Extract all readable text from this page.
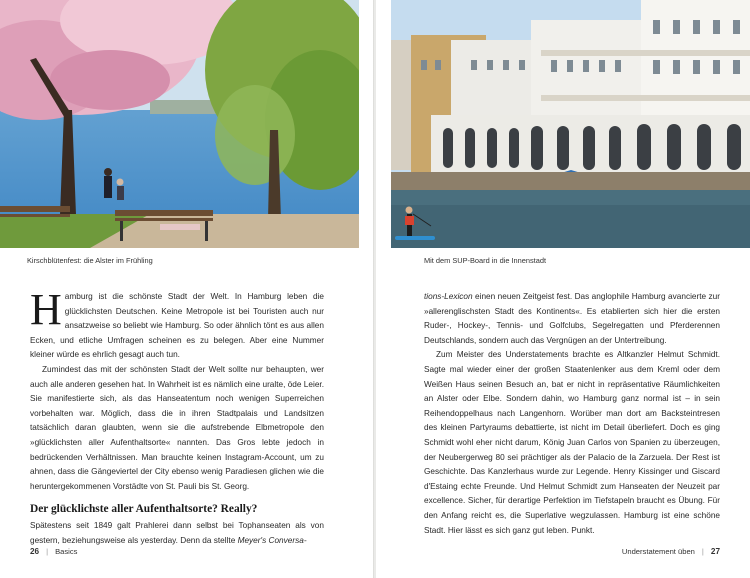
Kirschblütenfest: die Alster im Frühling

Hamburg ist die schönste Stadt der Welt. In Hamburg leben die glücklichsten Deutschen. Keine Metropole ist bei Touristen auch nur ansatzweise so beliebt wie Hamburg. So oder ähnlich tönt es aus allen Ecken, und etliche Umfragen scheinen es zu belegen. Aber eine Nummer kleiner würde es ehrlich gesagt auch tun.

Zumindest das mit der schönsten Stadt der Welt sollte nur behaupten, wer auch alle anderen gesehen hat. In Wahrheit ist es nämlich eine uralte, öde Leier. Sie manifestierte sich, als das Hanseatentum noch wenigen Superreichen vorbehalten war. Möglich, dass die in ihren Stadtpalais und Landsitzen tatsächlich daran glaubten, wenn sie die aufstrebende Elbmetropole den »glücklichsten aller Aufenthaltsorte« nannten. Das Gros lebte jedoch in bedrückenden Verhältnissen. Man brauchte keinen Instagram-Account, um zu ahnen, dass die Gängeviertel der City ebenso wenig Paradiesen glichen wie die heruntergekommenen Vorstädte von St. Pauli bis St. Georg.

Der glücklichste aller Aufenthaltsorte? Really?

Spätestens seit 1849 galt Prahlerei dann selbst bei Tophanseaten als von gestern, beziehungsweise als yesterday. Denn da stellte Meyer's Conversa-

26 | Basics
Mit dem SUP-Board in die Innenstadt

tions-Lexicon einen neuen Zeitgeist fest. Das anglophile Hamburg avancierte zur »allerenglischsten Stadt des Kontinents«. Es etablierten sich hier die ersten Ruder-, Hockey-, Tennis- und Golfclubs, Segelregatten und Pferderennen Deutschlands, sondern auch das Vergnügen an der Untertreibung.

Zum Meister des Understatements brachte es Altkanzler Helmut Schmidt. Sagte mal wieder einer der großen Staatenlenker aus dem Kreml oder dem Weißen Haus seinen Besuch an, bat er nicht in repräsentative Räumlichkeiten an Alster oder Elbe. Sondern dahin, wo Hamburg ganz normal ist – in sein Reihendoppelhaus nach Langenhorn. Worüber man dort am Backsteintresen des kleinen Partyraums debattierte, ist nicht im Detail überliefert. Doch es ging Schmidt wohl eher nicht darum, König Juan Carlos von Spanien zu überzeugen, der Neubergerweg 80 sei prächtiger als der Palacio de la Zarzuela. Der Rest ist Geschichte. Das Kanzlerhaus wurde zur Legende. Henry Kissinger und Giscard d'Estaing echte Freunde. Und Helmut Schmidt zum Hanseaten der Neuzeit par excellence. Sicher, für derartige Perfektion im Tiefstapeln braucht es Übung. Für den Anfang reicht es, die Superlative wegzulassen. Hamburg ist eine schöne Stadt. Hier lässt es sich ganz gut leben. Punkt.

Understatement üben | 27
